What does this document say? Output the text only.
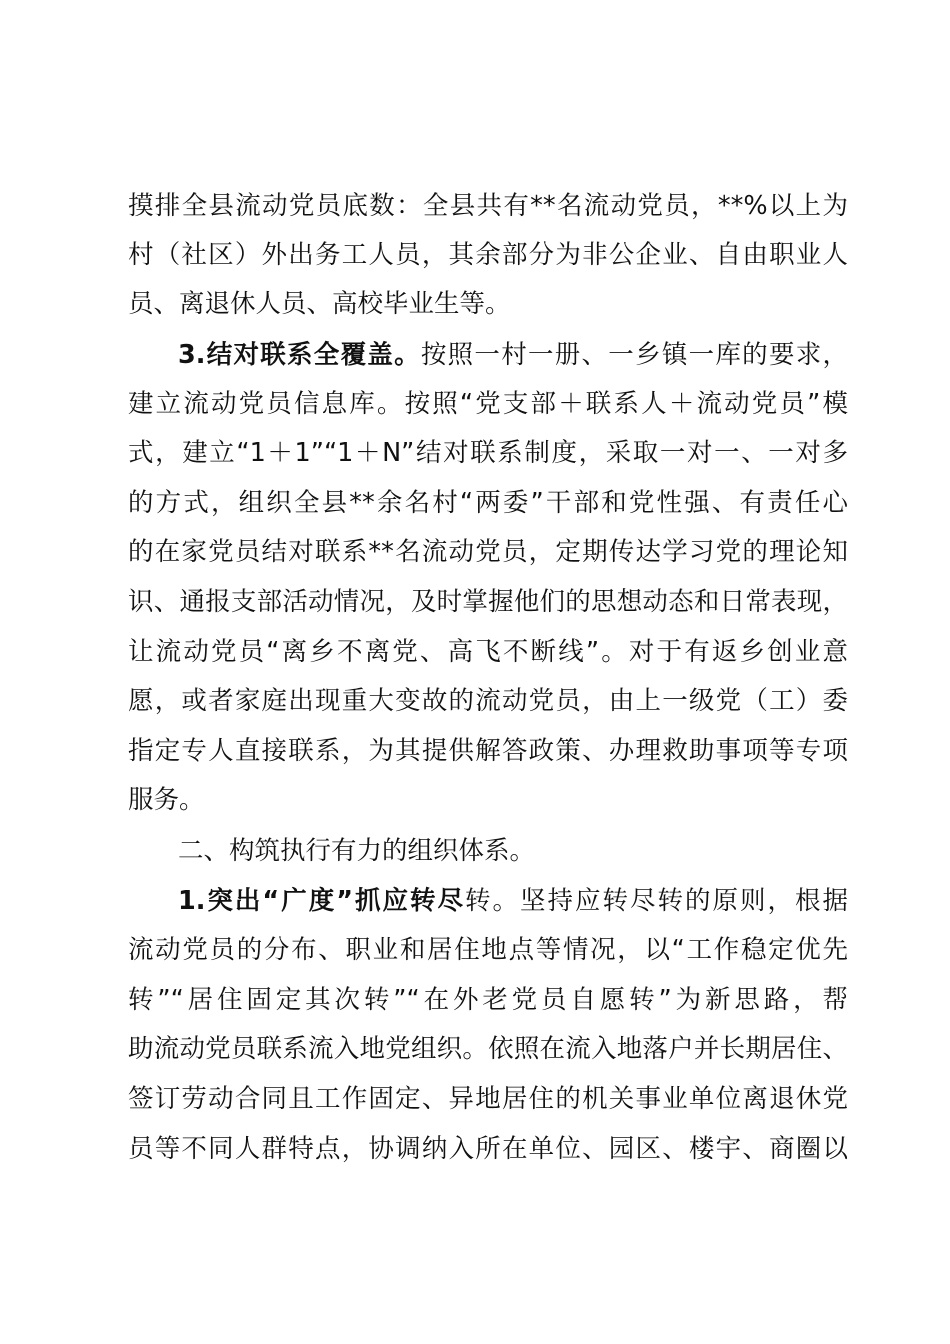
摸排全县流动党员底数：全县共有**名流动党员，**%以上为
村（社区）外出务工人员，其余部分为非公企业、自由职业人
员、离退休人员、高校毕业生等。
3.结对联系全覆盖。按照一村一册、一乡镇一库的要求，
建立流动党员信息库。按照“党支部＋联系人＋流动党员”模
式，建立“1＋1”“1＋N”结对联系制度，采取一对一、一对多
的方式，组织全县**余名村“两委”干部和党性强、有责任心
的在家党员结对联系**名流动党员，定期传达学习党的理论知
识、通报支部活动情况，及时掌握他们的思想动态和日常表现，
让流动党员“离乡不离党、高飞不断线”。对于有返乡创业意
愿，或者家庭出现重大变故的流动党员，由上一级党（工）委
指定专人直接联系，为其提供解答政策、办理救助事项等专项
服务。
二、构筑执行有力的组织体系。
1.突出“广度”抓应转尽转。坚持应转尽转的原则，根据
流动党员的分布、职业和居住地点等情况，以“工作稳定优先
转”“居住固定其次转”“在外老党员自愿转”为新思路，帮
助流动党员联系流入地党组织。依照在流入地落户并长期居住、
签订劳动合同且工作固定、异地居住的机关事业单位离退休党
员等不同人群特点，协调纳入所在单位、园区、楼宇、商圈以
